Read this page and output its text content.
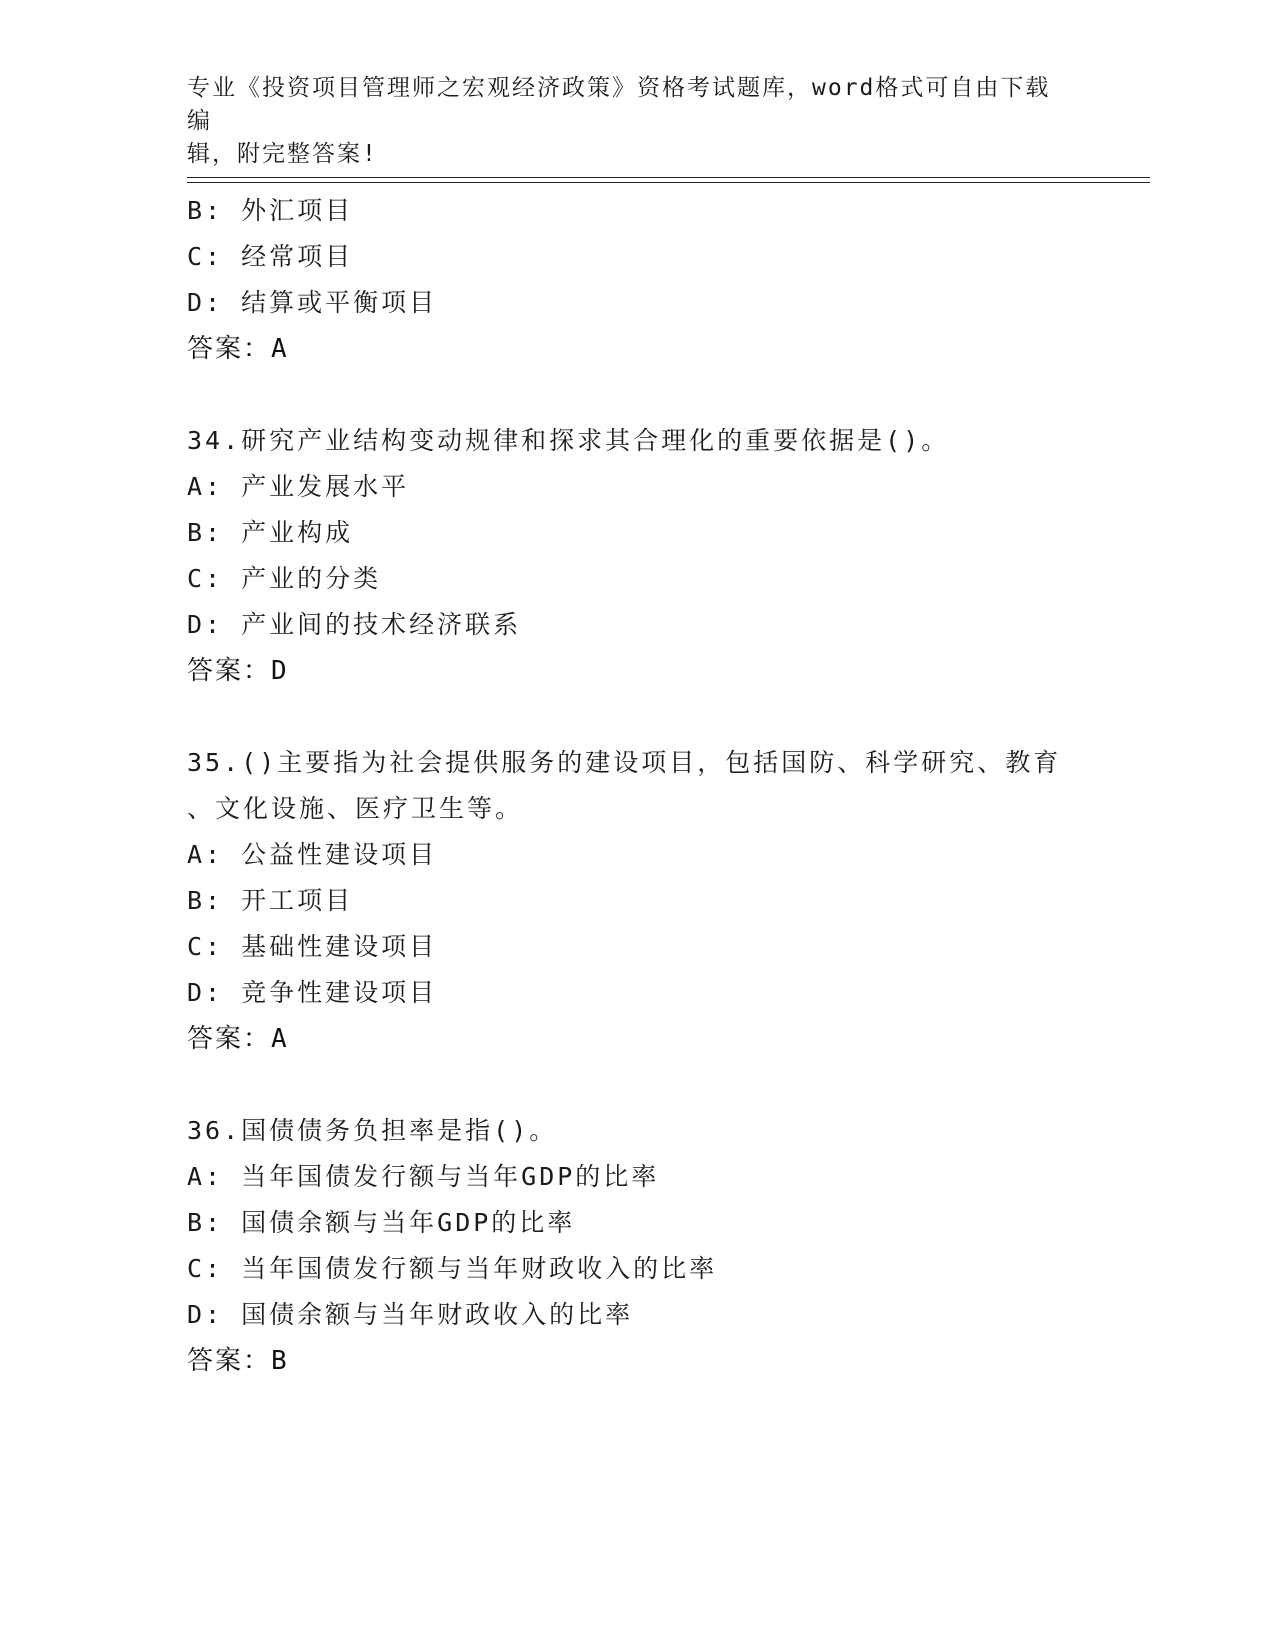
专业《投资项目管理师之宏观经济政策》资格考试题库，word格式可自由下载编
辑，附完整答案!
B: 外汇项目
C: 经常项目
D: 结算或平衡项目
答案：A
34.研究产业结构变动规律和探求其合理化的重要依据是()。
A: 产业发展水平
B: 产业构成
C: 产业的分类
D: 产业间的技术经济联系
答案：D
35.()主要指为社会提供服务的建设项目，包括国防、科学研究、教育
、文化设施、医疗卫生等。
A: 公益性建设项目
B: 开工项目
C: 基础性建设项目
D: 竞争性建设项目
答案：A
36.国债债务负担率是指()。
A: 当年国债发行额与当年GDP的比率
B: 国债余额与当年GDP的比率
C: 当年国债发行额与当年财政收入的比率
D: 国债余额与当年财政收入的比率
答案：B
